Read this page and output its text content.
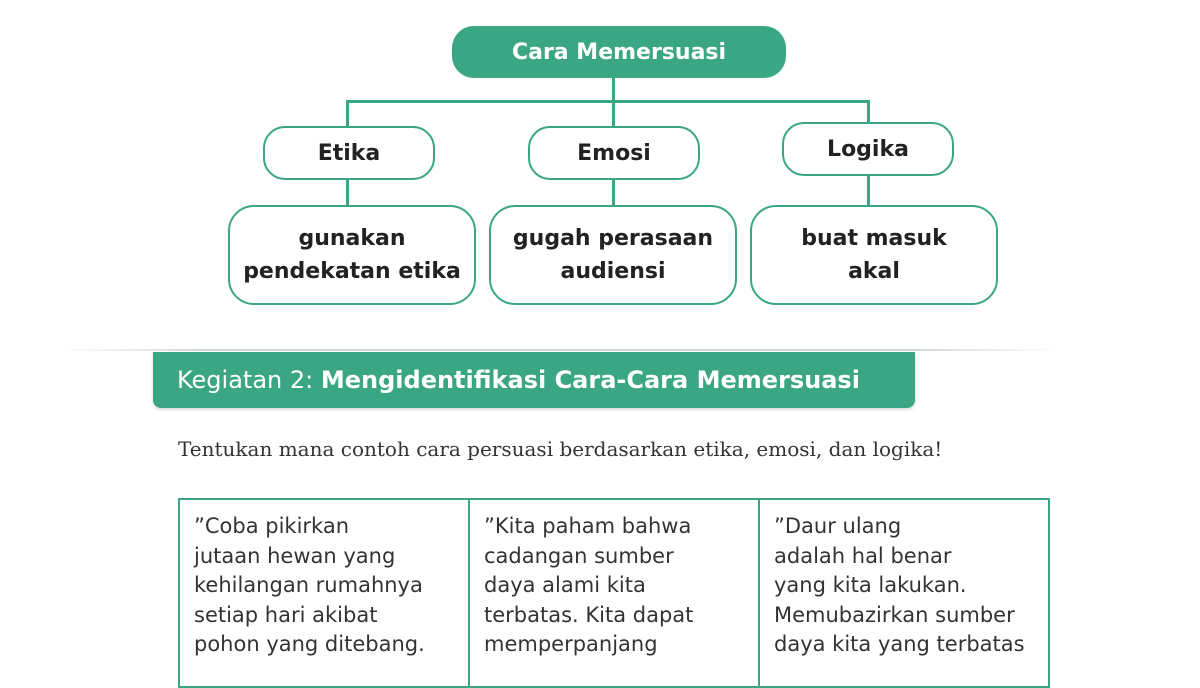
Cara Memersuasi
Etika	Emosi	Logika
gunakan
pendekatan etika
gugah perasaan
audiensi
buat masuk
akal
Kegiatan 2: Mengidentifikasi Cara-Cara Memersuasi
Tentukan mana contoh cara persuasi berdasarkan etika, emosi, dan logika!
”Coba pikirkan
jutaan hewan yang
kehilangan rumahnya
setiap hari akibat
pohon yang ditebang.
”Kita paham bahwa
cadangan sumber
daya alami kita
terbatas. Kita dapat
memperpanjang
”Daur ulang
adalah hal benar
yang kita lakukan.
Memubazirkan sumber
daya kita yang terbatas
